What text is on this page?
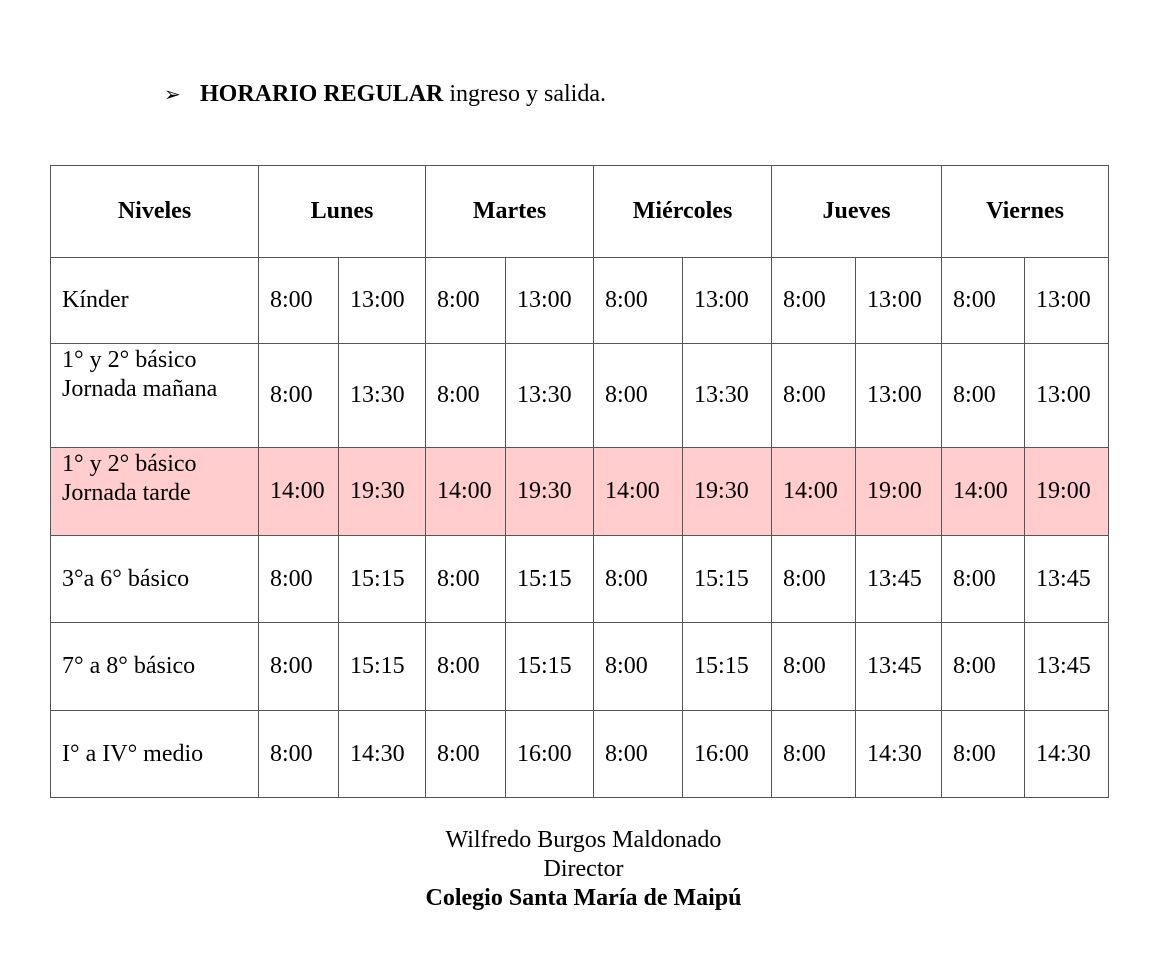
➢ HORARIO REGULAR ingreso y salida.
Niveles	Lunes		Martes		Miércoles		Jueves		Viernes	

Kínder	8:00	13:00	8:00	13:00	8:00	13:00	8:00	13:00	8:00	13:00

1° y 2° básico
Jornada mañana	8:00	13:30	8:00	13:30	8:00	13:30	8:00	13:00	8:00	13:00

1° y 2° básico
Jornada tarde	14:00	19:30	14:00	19:30	14:00	19:30	14:00	19:00	14:00	19:00

3°a 6° básico	8:00	15:15	8:00	15:15	8:00	15:15	8:00	13:45	8:00	13:45

7° a 8° básico	8:00	15:15	8:00	15:15	8:00	15:15	8:00	13:45	8:00	13:45

I° a IV° medio	8:00	14:30	8:00	16:00	8:00	16:00	8:00	14:30	8:00	14:30
Wilfredo Burgos Maldonado
Director
Colegio Santa María de Maipú
